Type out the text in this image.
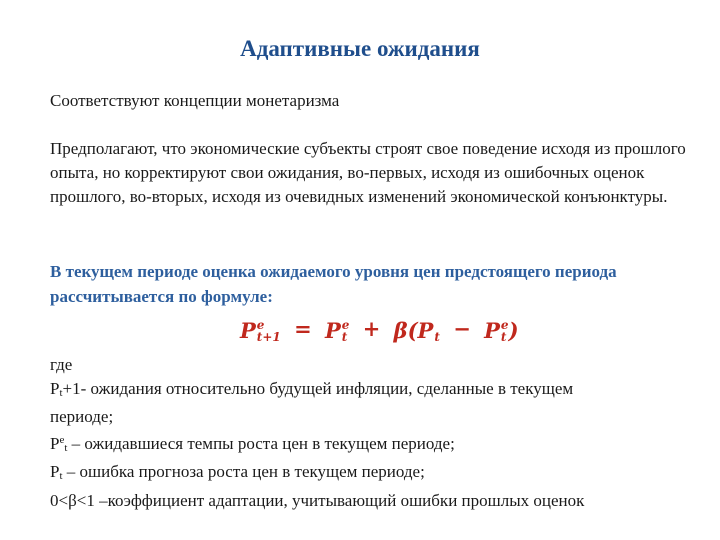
Адаптивные ожидания
Соответствуют концепции монетаризма
Предполагают, что экономические субъекты строят свое поведение исходя из прошлого опыта, но корректируют свои ожидания, во-первых, исходя из ошибочных оценок прошлого, во-вторых, исходя из очевидных изменений экономической конъюнктуры.
В текущем периоде оценка ожидаемого уровня цен предстоящего периода рассчитывается по формуле:
P e
t+1 = P e
t + β(P
t − P e
t )
где
$P_t+1-$ ожидания относительно будущей инфляции, сделанные в текущем
периоде;
$P^e_t$ – ожидавшиеся темпы роста цен в текущем периоде;
$P_t$ – ошибка прогноза роста цен в текущем периоде;
0<β<1 –коэффициент адаптации, учитывающий ошибки прошлых оценок
